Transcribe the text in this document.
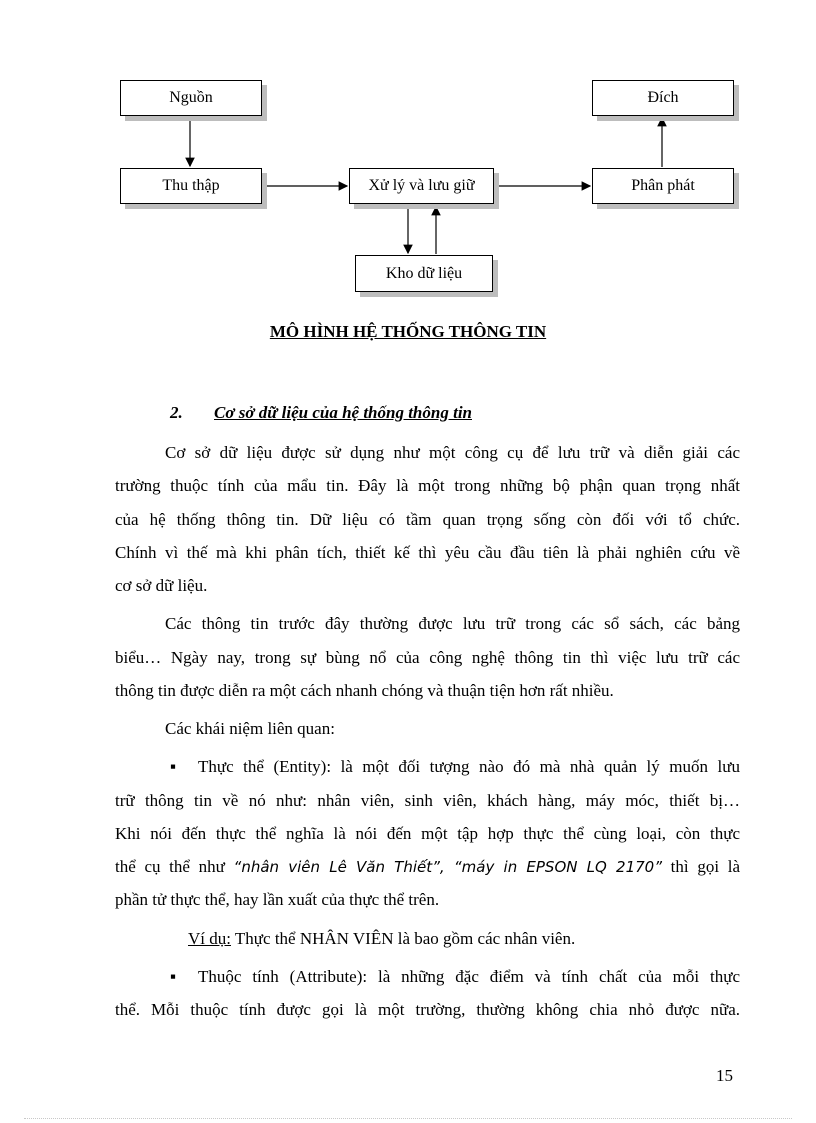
Nguồn	Đích
Thu thập	Xử lý và lưu giữ	Phân phát
Kho dữ liệu
MÔ HÌNH HỆ THỐNG THÔNG TIN
2. Cơ sở dữ liệu của hệ thống thông tin
Cơ sở dữ liệu được sử dụng như một công cụ để lưu trữ và diễn giải các
trường thuộc tính của mẩu tin. Đây là một trong những bộ phận quan trọng nhất
của hệ thống thông tin. Dữ liệu có tầm quan trọng sống còn đối với tổ chức.
Chính vì thế mà khi phân tích, thiết kế thì yêu cầu đầu tiên là phải nghiên cứu về
cơ sở dữ liệu.
Các thông tin trước đây thường được lưu trữ trong các sổ sách, các bảng
biểu… Ngày nay, trong sự bùng nổ của công nghệ thông tin thì việc lưu trữ các
thông tin được diễn ra một cách nhanh chóng và thuận tiện hơn rất nhiều.
Các khái niệm liên quan:
▪ Thực thể (Entity): là một đối tượng nào đó mà nhà quản lý muốn lưu
trữ thông tin về nó như: nhân viên, sinh viên, khách hàng, máy móc, thiết bị…
Khi nói đến thực thể nghĩa là nói đến một tập hợp thực thể cùng loại, còn thực
thể cụ thể như “nhân viên Lê Văn Thiết”, “máy in EPSON LQ 2170” thì gọi là
phần tử thực thể, hay lần xuất của thực thể trên.
Ví dụ: Thực thể NHÂN VIÊN là bao gồm các nhân viên.
▪ Thuộc tính (Attribute): là những đặc điểm và tính chất của mỗi thực
thể. Mỗi thuộc tính được gọi là một trường, thường không chia nhỏ được nữa.
15
